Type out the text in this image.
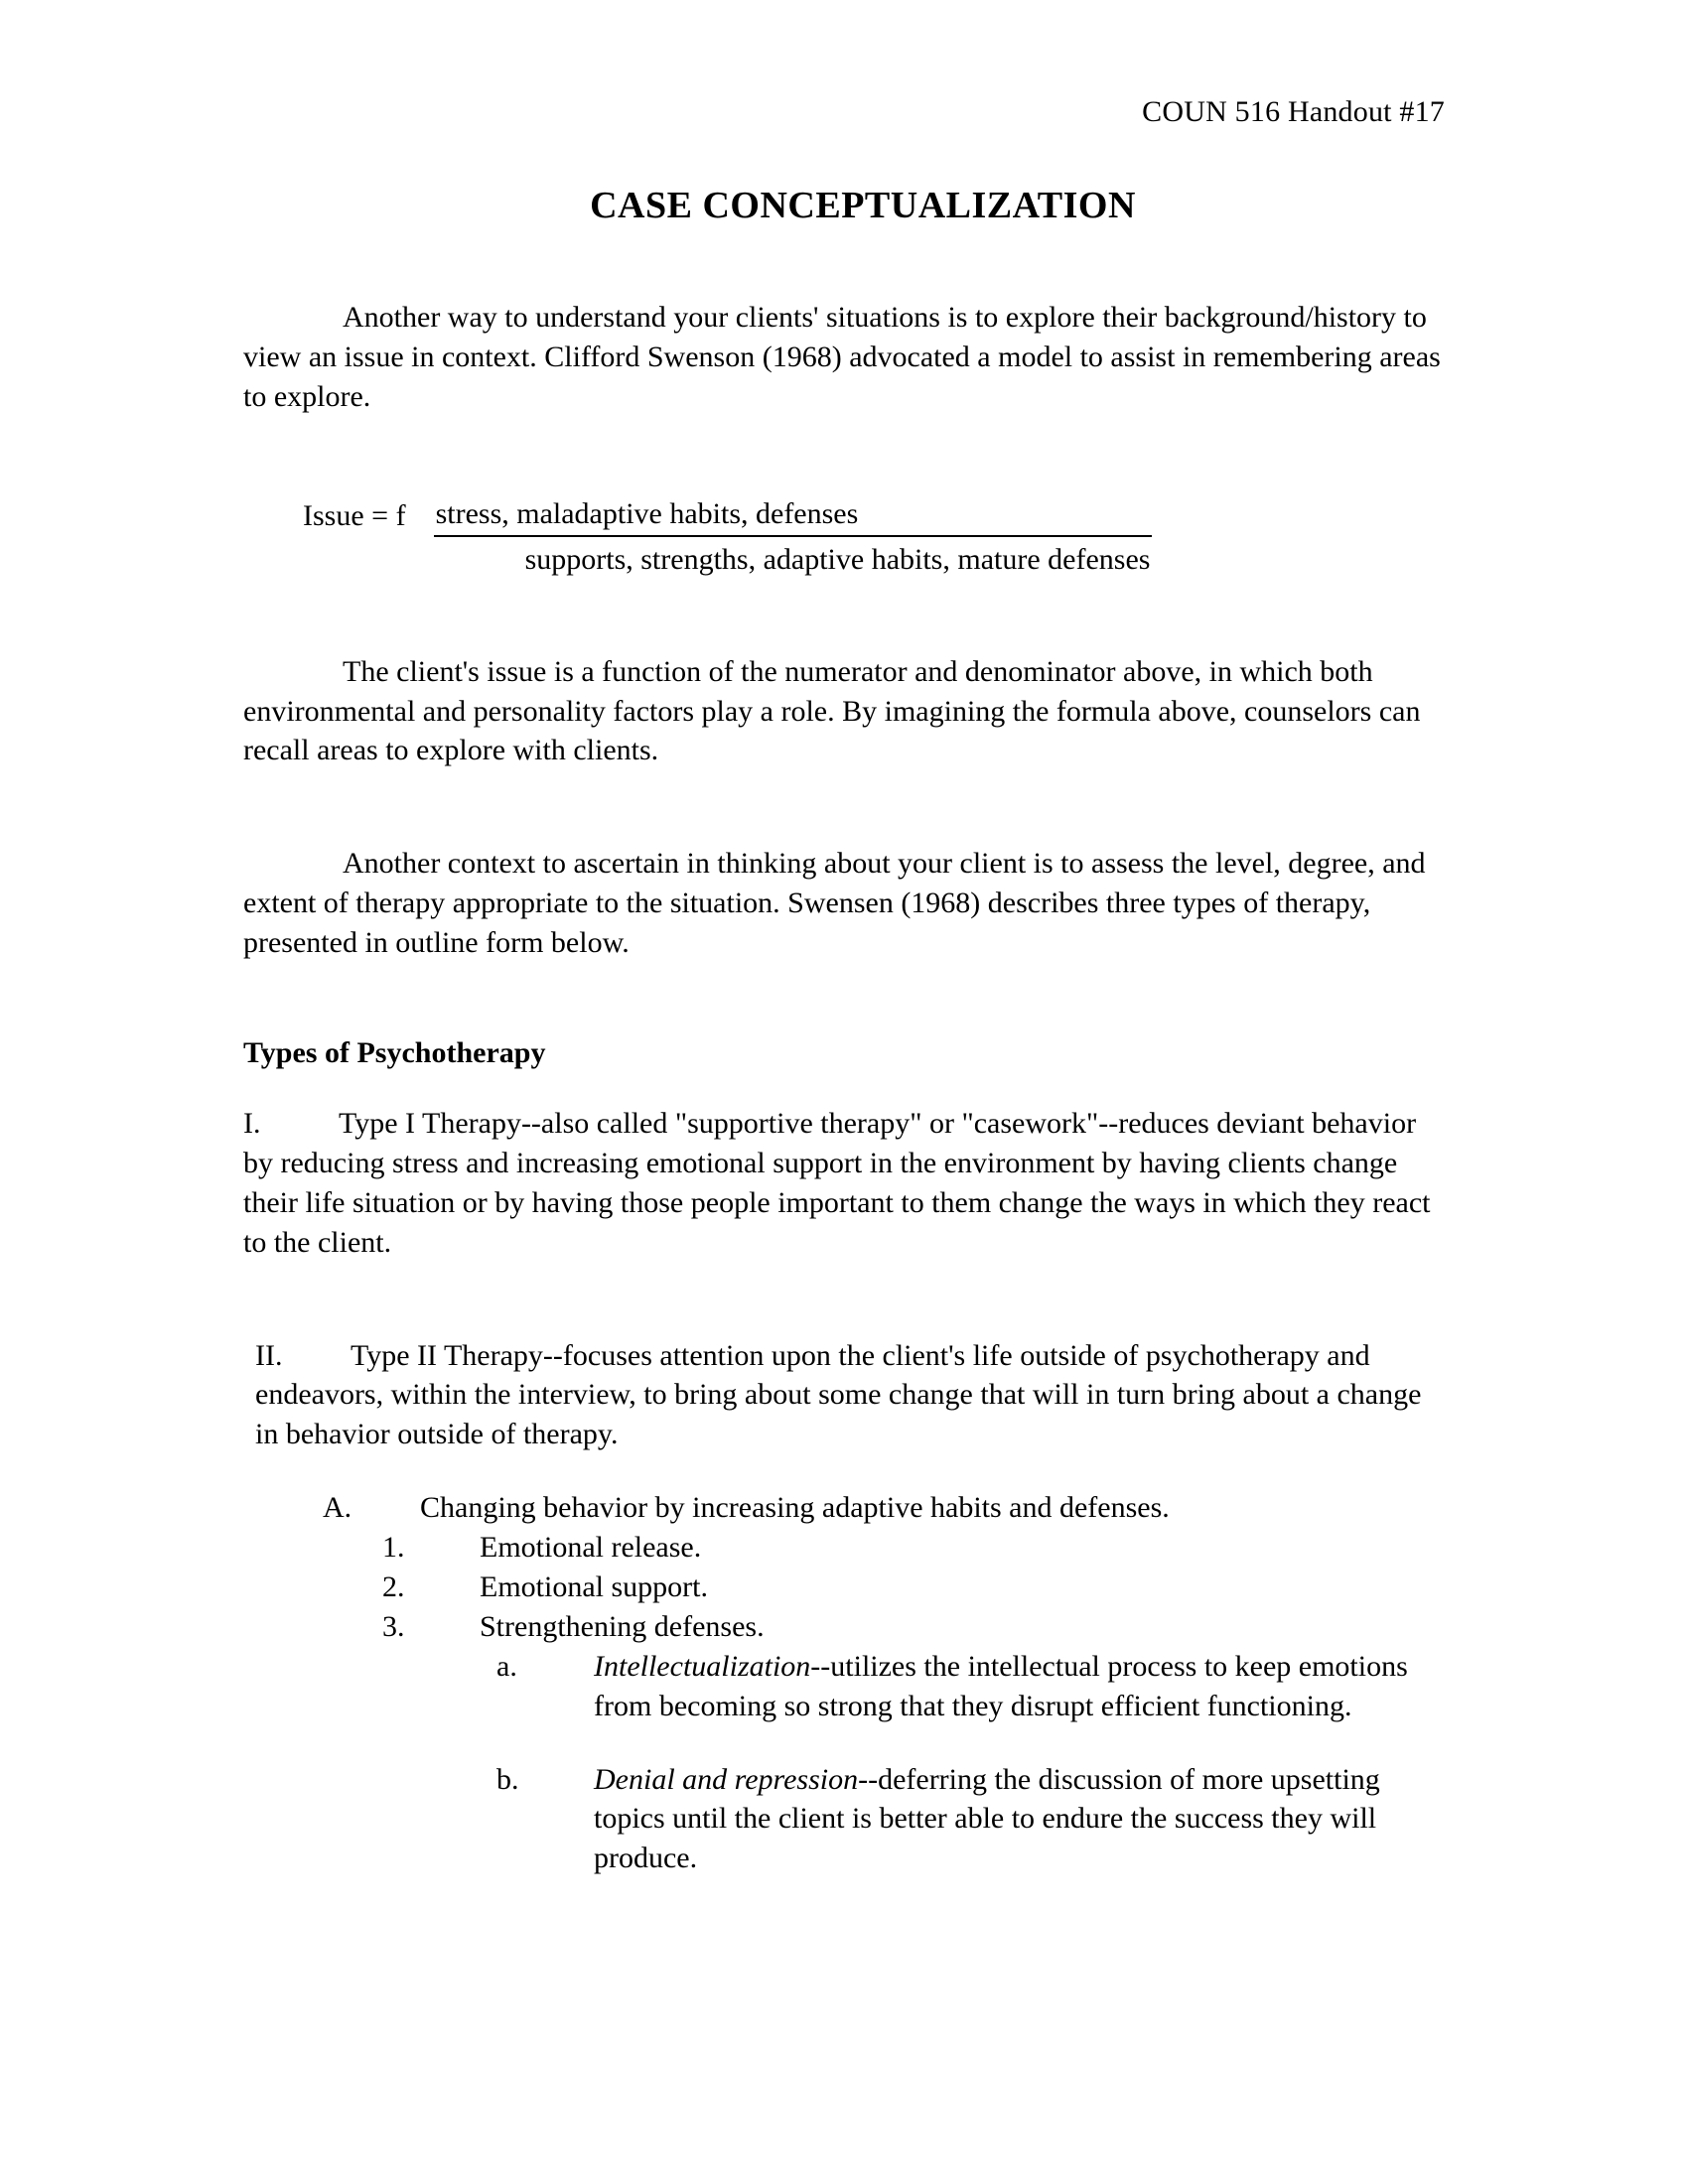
COUN 516 Handout #17
CASE CONCEPTUALIZATION

Another way to understand your clients' situations is to explore their background/history to view an issue in context. Clifford Swenson (1968) advocated a model to assist in remembering areas to explore.

Issue = f $\frac{\text{stress, maladaptive habits, defenses}}{\text{supports, strengths, adaptive habits, mature defenses}}$

The client's issue is a function of the numerator and denominator above, in which both environmental and personality factors play a role. By imagining the formula above, counselors can recall areas to explore with clients.

Another context to ascertain in thinking about your client is to assess the level, degree, and extent of therapy appropriate to the situation. Swensen (1968) describes three types of therapy, presented in outline form below.

Types of Psychotherapy
I.	Type I Therapy--also called "supportive therapy" or "casework"--reduces deviant behavior by reducing stress and increasing emotional support in the environment by having clients change their life situation or by having those people important to them change the ways in which they react to the client.
II.	Type II Therapy--focuses attention upon the client's life outside of psychotherapy and endeavors, within the interview, to bring about some change that will in turn bring about a change in behavior outside of therapy.
A.	Changing behavior by increasing adaptive habits and defenses.
1.	Emotional release.
2.	Emotional support.
3.	Strengthening defenses.
a.	Intellectualization--utilizes the intellectual process to keep emotions from becoming so strong that they disrupt efficient functioning.
b.	Denial and repression--deferring the discussion of more upsetting topics until the client is better able to endure the success they will produce.
